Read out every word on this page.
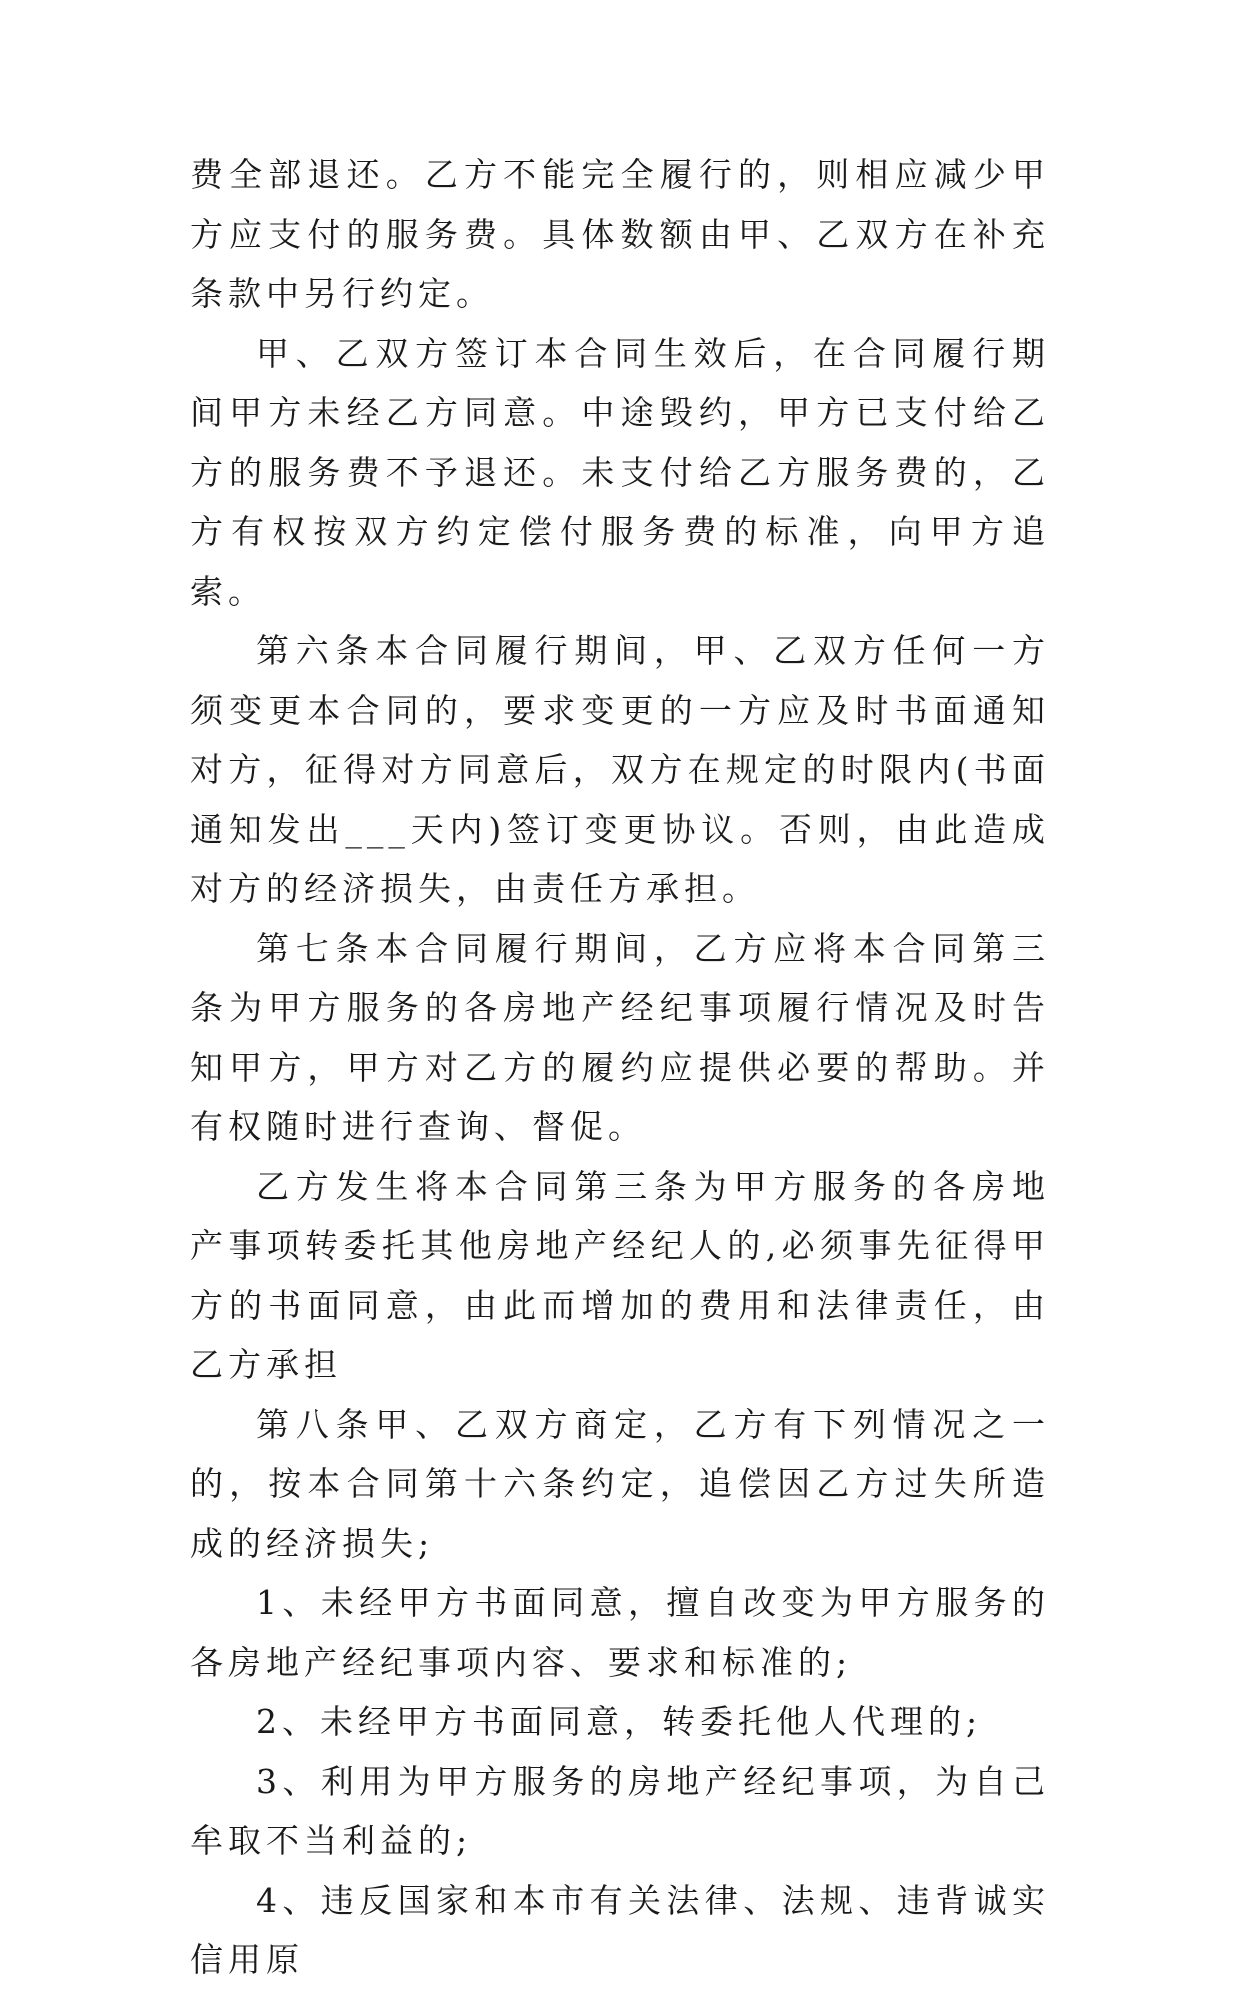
费全部退还。乙方不能完全履行的，则相应减少甲方应支付的服务费。具体数额由甲、乙双方在补充条款中另行约定。

甲、乙双方签订本合同生效后，在合同履行期间甲方未经乙方同意。中途毁约，甲方已支付给乙方的服务费不予退还。未支付给乙方服务费的，乙方有权按双方约定偿付服务费的标准，向甲方追索。

第六条本合同履行期间，甲、乙双方任何一方须变更本合同的，要求变更的一方应及时书面通知对方，征得对方同意后，双方在规定的时限内(书面通知发出___天内)签订变更协议。否则，由此造成对方的经济损失，由责任方承担。

第七条本合同履行期间，乙方应将本合同第三条为甲方服务的各房地产经纪事项履行情况及时告知甲方，甲方对乙方的履约应提供必要的帮助。并有权随时进行查询、督促。

乙方发生将本合同第三条为甲方服务的各房地产事项转委托其他房地产经纪人的,必须事先征得甲方的书面同意，由此而增加的费用和法律责任，由乙方承担

第八条甲、乙双方商定，乙方有下列情况之一的，按本合同第十六条约定，追偿因乙方过失所造成的经济损失;

1、未经甲方书面同意，擅自改变为甲方服务的各房地产经纪事项内容、要求和标准的;

2、未经甲方书面同意，转委托他人代理的;

3、利用为甲方服务的房地产经纪事项，为自己牟取不当利益的;

4、违反国家和本市有关法律、法规、违背诚实信用原
